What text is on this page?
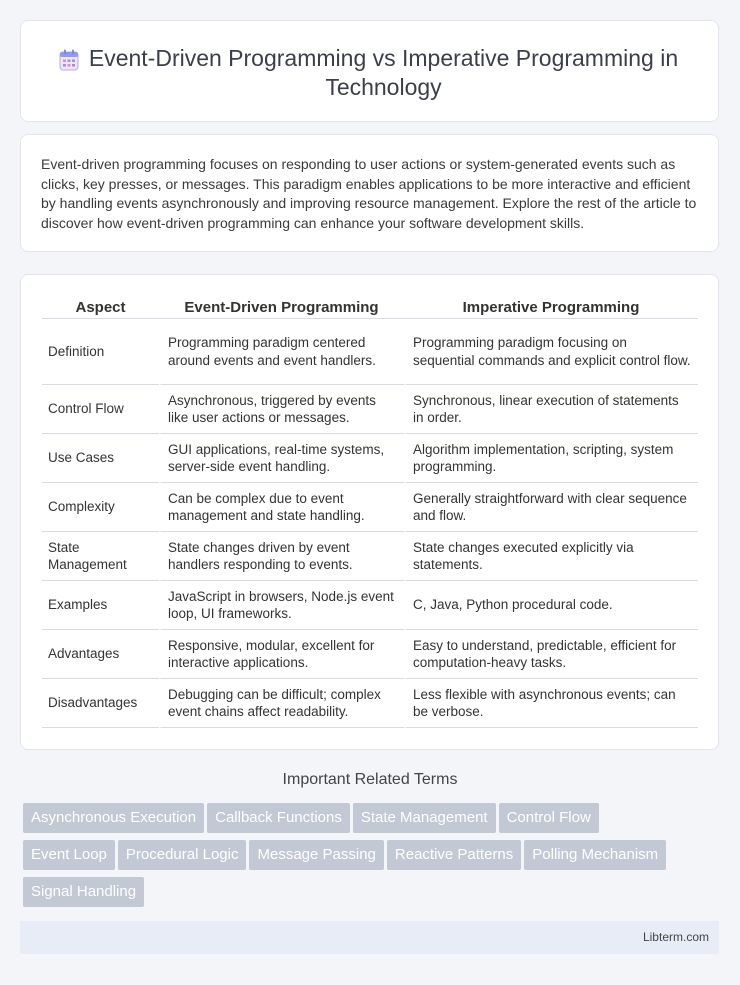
Event-Driven Programming vs Imperative Programming in Technology

Event-driven programming focuses on responding to user actions or system-generated events such as clicks, key presses, or messages. This paradigm enables applications to be more interactive and efficient by handling events asynchronously and improving resource management. Explore the rest of the article to discover how event-driven programming can enhance your software development skills.

Aspect	Event-Driven Programming	Imperative Programming
Definition	Programming paradigm centered around events and event handlers.	Programming paradigm focusing on sequential commands and explicit control flow.
Control Flow	Asynchronous, triggered by events like user actions or messages.	Synchronous, linear execution of statements in order.
Use Cases	GUI applications, real-time systems, server-side event handling.	Algorithm implementation, scripting, system programming.
Complexity	Can be complex due to event management and state handling.	Generally straightforward with clear sequence and flow.
State Management	State changes driven by event handlers responding to events.	State changes executed explicitly via statements.
Examples	JavaScript in browsers, Node.js event loop, UI frameworks.	C, Java, Python procedural code.
Advantages	Responsive, modular, excellent for interactive applications.	Easy to understand, predictable, efficient for computation-heavy tasks.
Disadvantages	Debugging can be difficult; complex event chains affect readability.	Less flexible with asynchronous events; can be verbose.
Important Related Terms
Asynchronous Execution Callback Functions State Management Control Flow
Event Loop Procedural Logic Message Passing Reactive Patterns Polling Mechanism
Signal Handling
Libterm.com
